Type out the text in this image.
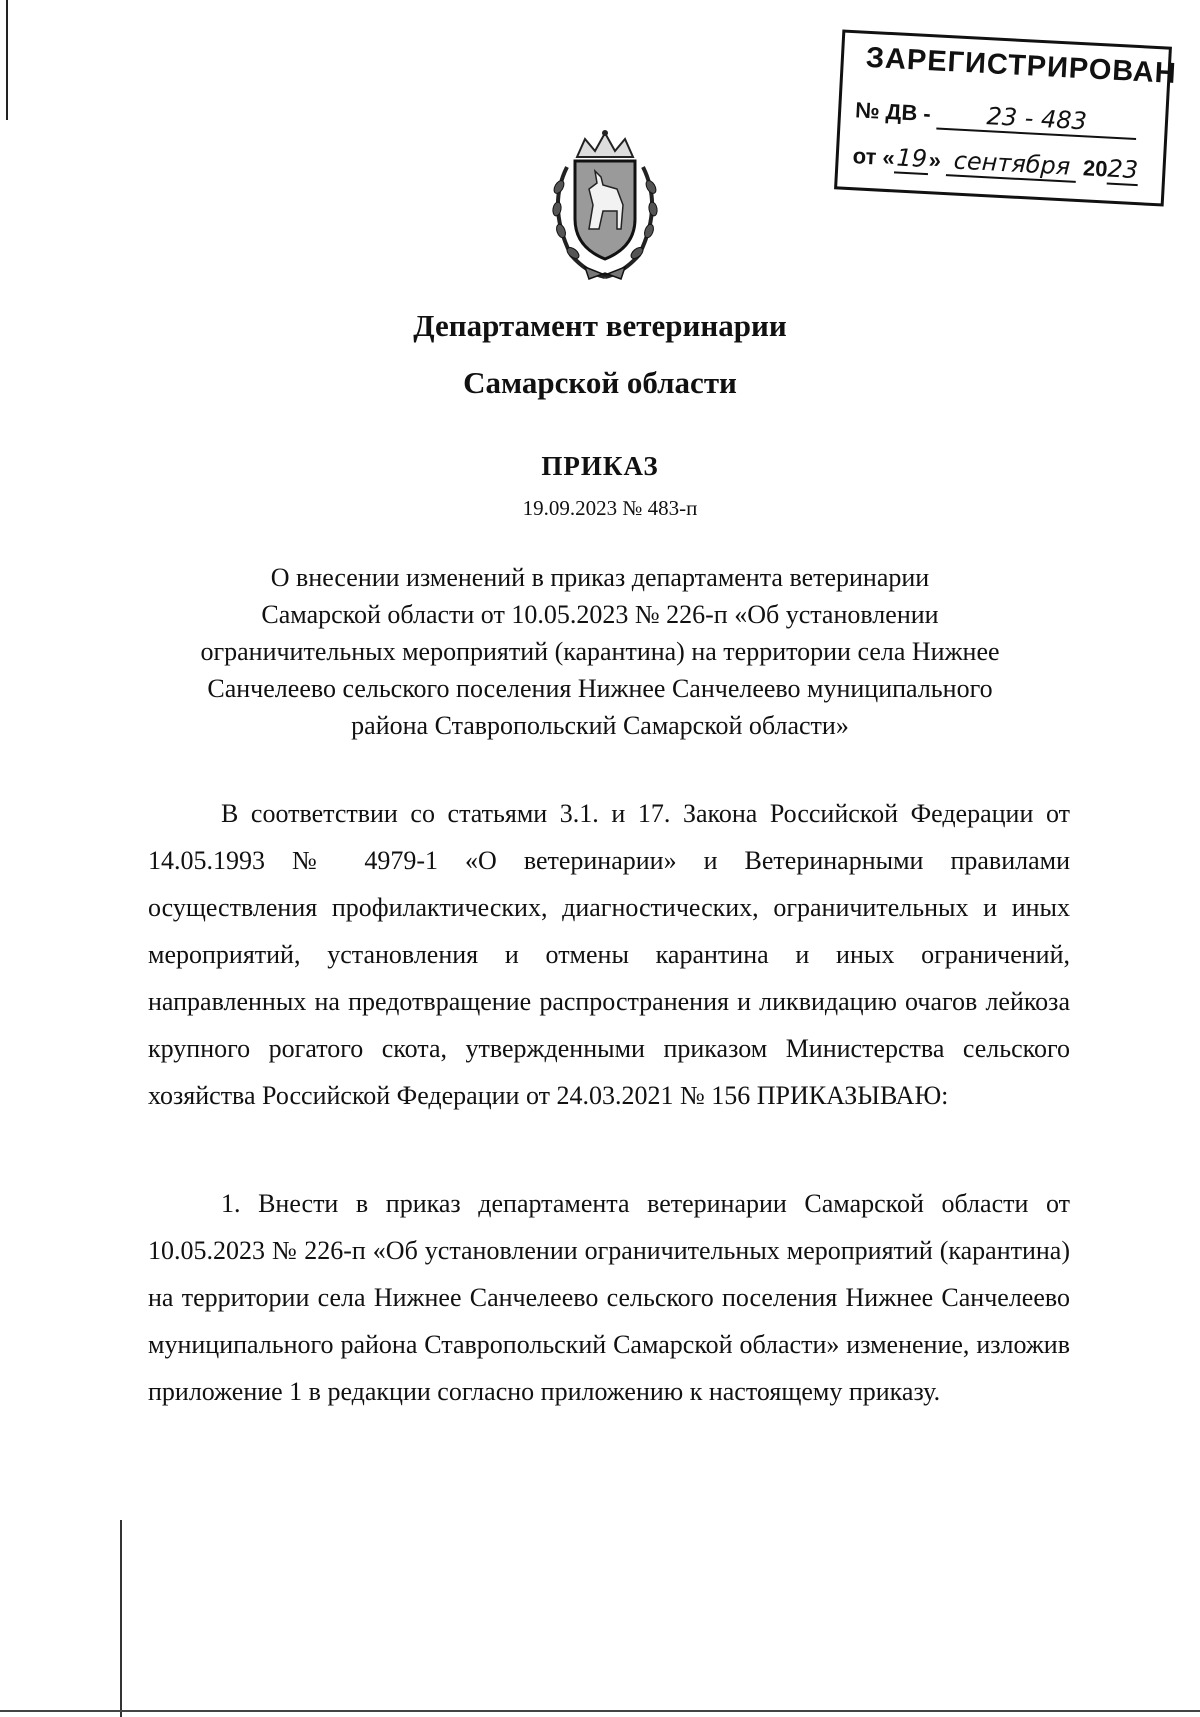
ЗАРЕГИСТРИРОВАН
№ ДВ - 23 - 483
от «19» сентября 2023
Департамент ветеринарии
Самарской области
ПРИКАЗ
19.09.2023 № 483-п
О внесении изменений в приказ департамента ветеринарии
Самарской области от 10.05.2023 № 226-п «Об установлении
ограничительных мероприятий (карантина) на территории села Нижнее
Санчелеево сельского поселения Нижнее Санчелеево муниципального
района Ставропольский Самарской области»

В соответствии со статьями 3.1. и 17. Закона Российской Федерации от 14.05.1993 № 4979-1 «О ветеринарии» и Ветеринарными правилами осуществления профилактических, диагностических, ограничительных и иных мероприятий, установления и отмены карантина и иных ограничений, направленных на предотвращение распространения и ликвидацию очагов лейкоза крупного рогатого скота, утвержденными приказом Министерства сельского хозяйства Российской Федерации от 24.03.2021 № 156 ПРИКАЗЫВАЮ:

1. Внести в приказ департамента ветеринарии Самарской области от 10.05.2023 № 226-п «Об установлении ограничительных мероприятий (карантина) на территории села Нижнее Санчелеево сельского поселения Нижнее Санчелеево муниципального района Ставропольский Самарской области» изменение, изложив приложение 1 в редакции согласно приложению к настоящему приказу.
